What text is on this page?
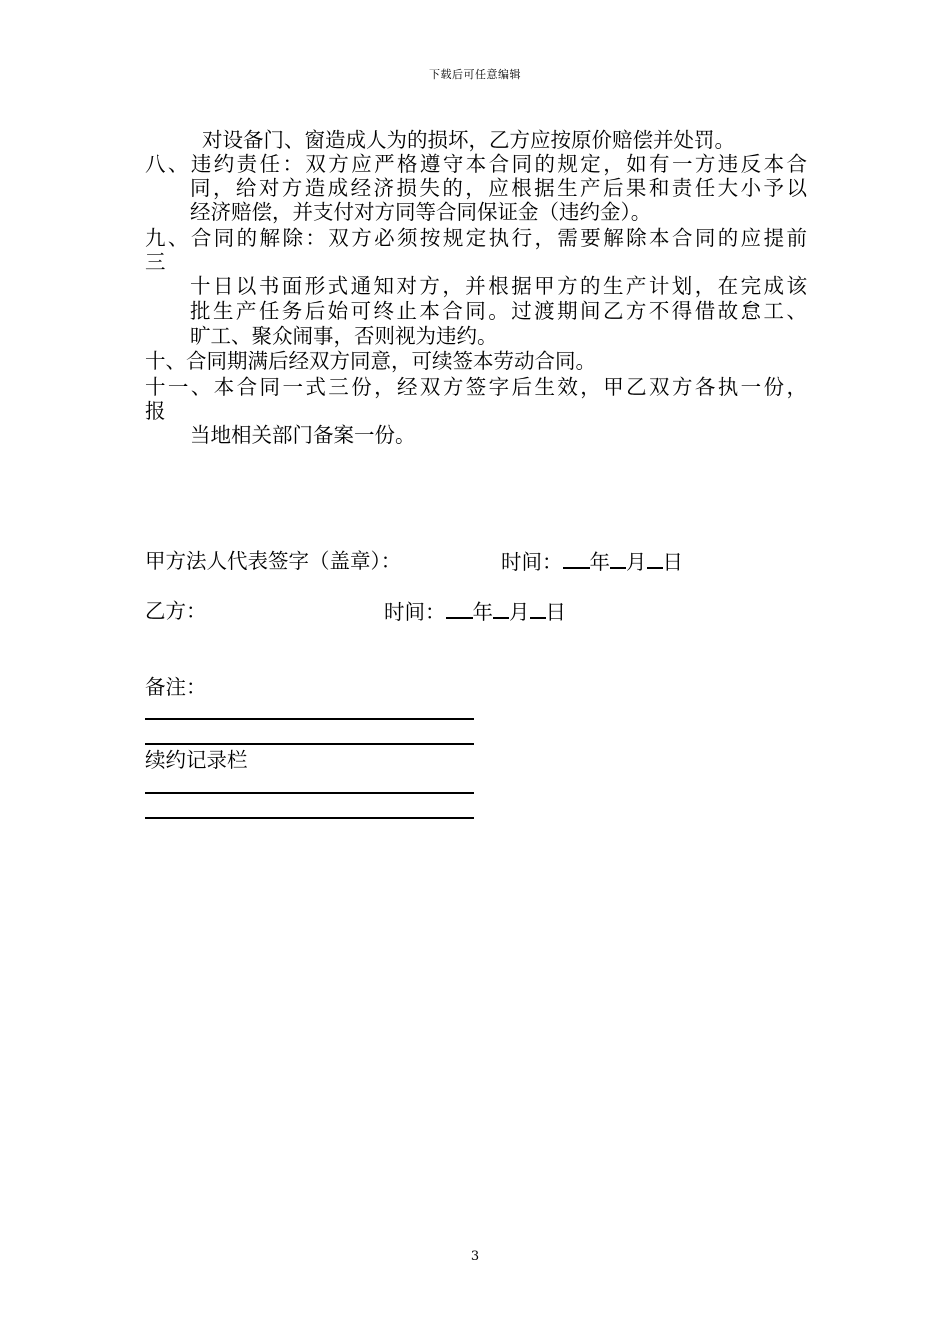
下载后可任意编辑
对设备门、窗造成人为的损坏，乙方应按原价赔偿并处罚。
八、违约责任：双方应严格遵守本合同的规定，如有一方违反本合
同，给对方造成经济损失的，应根据生产后果和责任大小予以
经济赔偿，并支付对方同等合同保证金（违约金）。
九、合同的解除：双方必须按规定执行，需要解除本合同的应提前
三
十日以书面形式通知对方，并根据甲方的生产计划，在完成该
批生产任务后始可终止本合同。过渡期间乙方不得借故怠工、
旷工、聚众闹事，否则视为违约。
十、合同期满后经双方同意，可续签本劳动合同。
十一、本合同一式三份，经双方签字后生效，甲乙双方各执一份，
报
当地相关部门备案一份。
甲方法人代表签字（盖章）：	时间： 年 月 日
乙方：	时间： 年 月 日
备注：
续约记录栏
3
